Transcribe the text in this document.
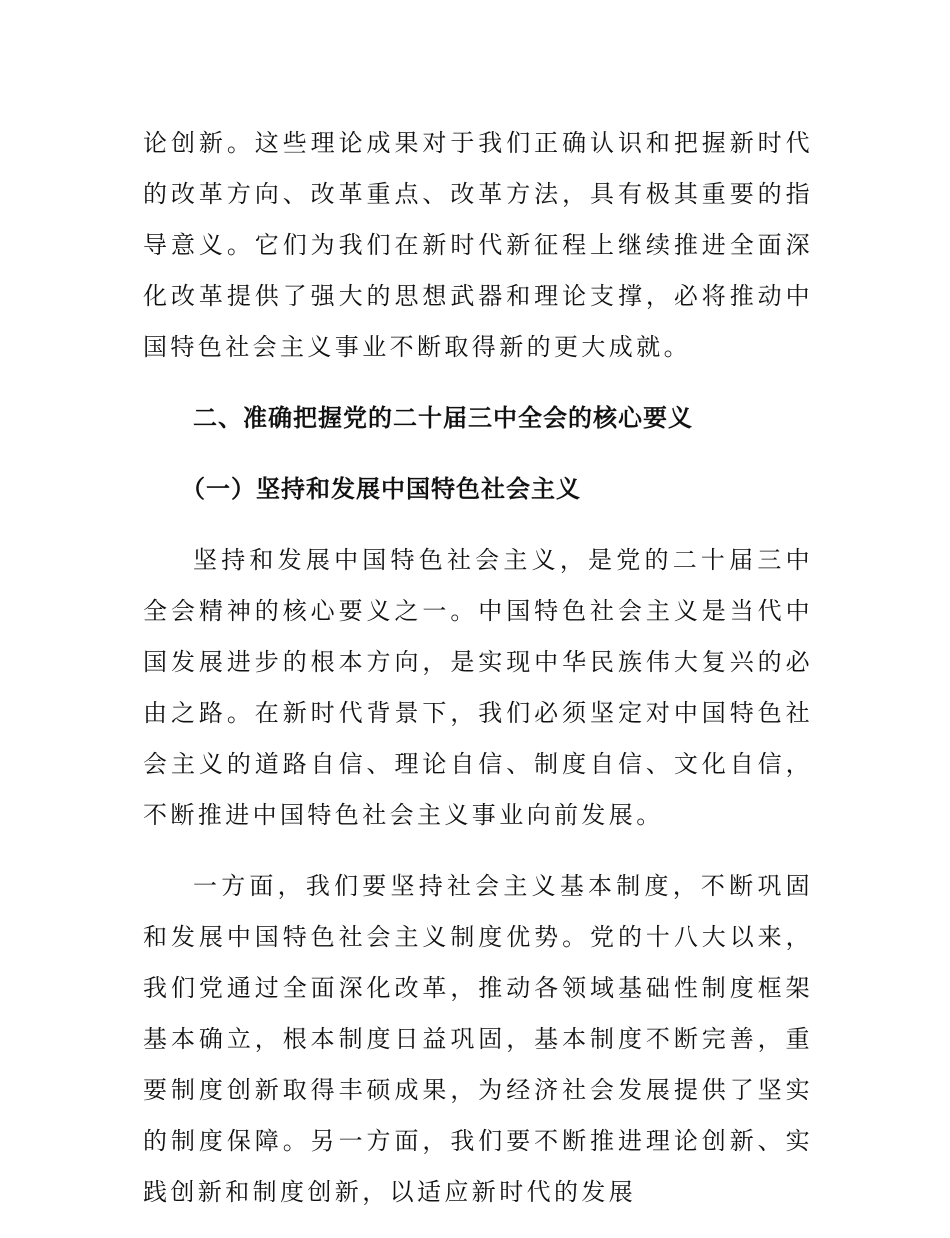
论创新。这些理论成果对于我们正确认识和把握新时代的改革方向、改革重点、改革方法，具有极其重要的指导意义。它们为我们在新时代新征程上继续推进全面深化改革提供了强大的思想武器和理论支撑，必将推动中国特色社会主义事业不断取得新的更大成就。

二、准确把握党的二十届三中全会的核心要义
（一）坚持和发展中国特色社会主义

坚持和发展中国特色社会主义，是党的二十届三中全会精神的核心要义之一。中国特色社会主义是当代中国发展进步的根本方向，是实现中华民族伟大复兴的必由之路。在新时代背景下，我们必须坚定对中国特色社会主义的道路自信、理论自信、制度自信、文化自信，不断推进中国特色社会主义事业向前发展。

一方面，我们要坚持社会主义基本制度，不断巩固和发展中国特色社会主义制度优势。党的十八大以来，我们党通过全面深化改革，推动各领域基础性制度框架基本确立，根本制度日益巩固，基本制度不断完善，重要制度创新取得丰硕成果，为经济社会发展提供了坚实的制度保障。另一方面，我们要不断推进理论创新、实践创新和制度创新，以适应新时代的发展
